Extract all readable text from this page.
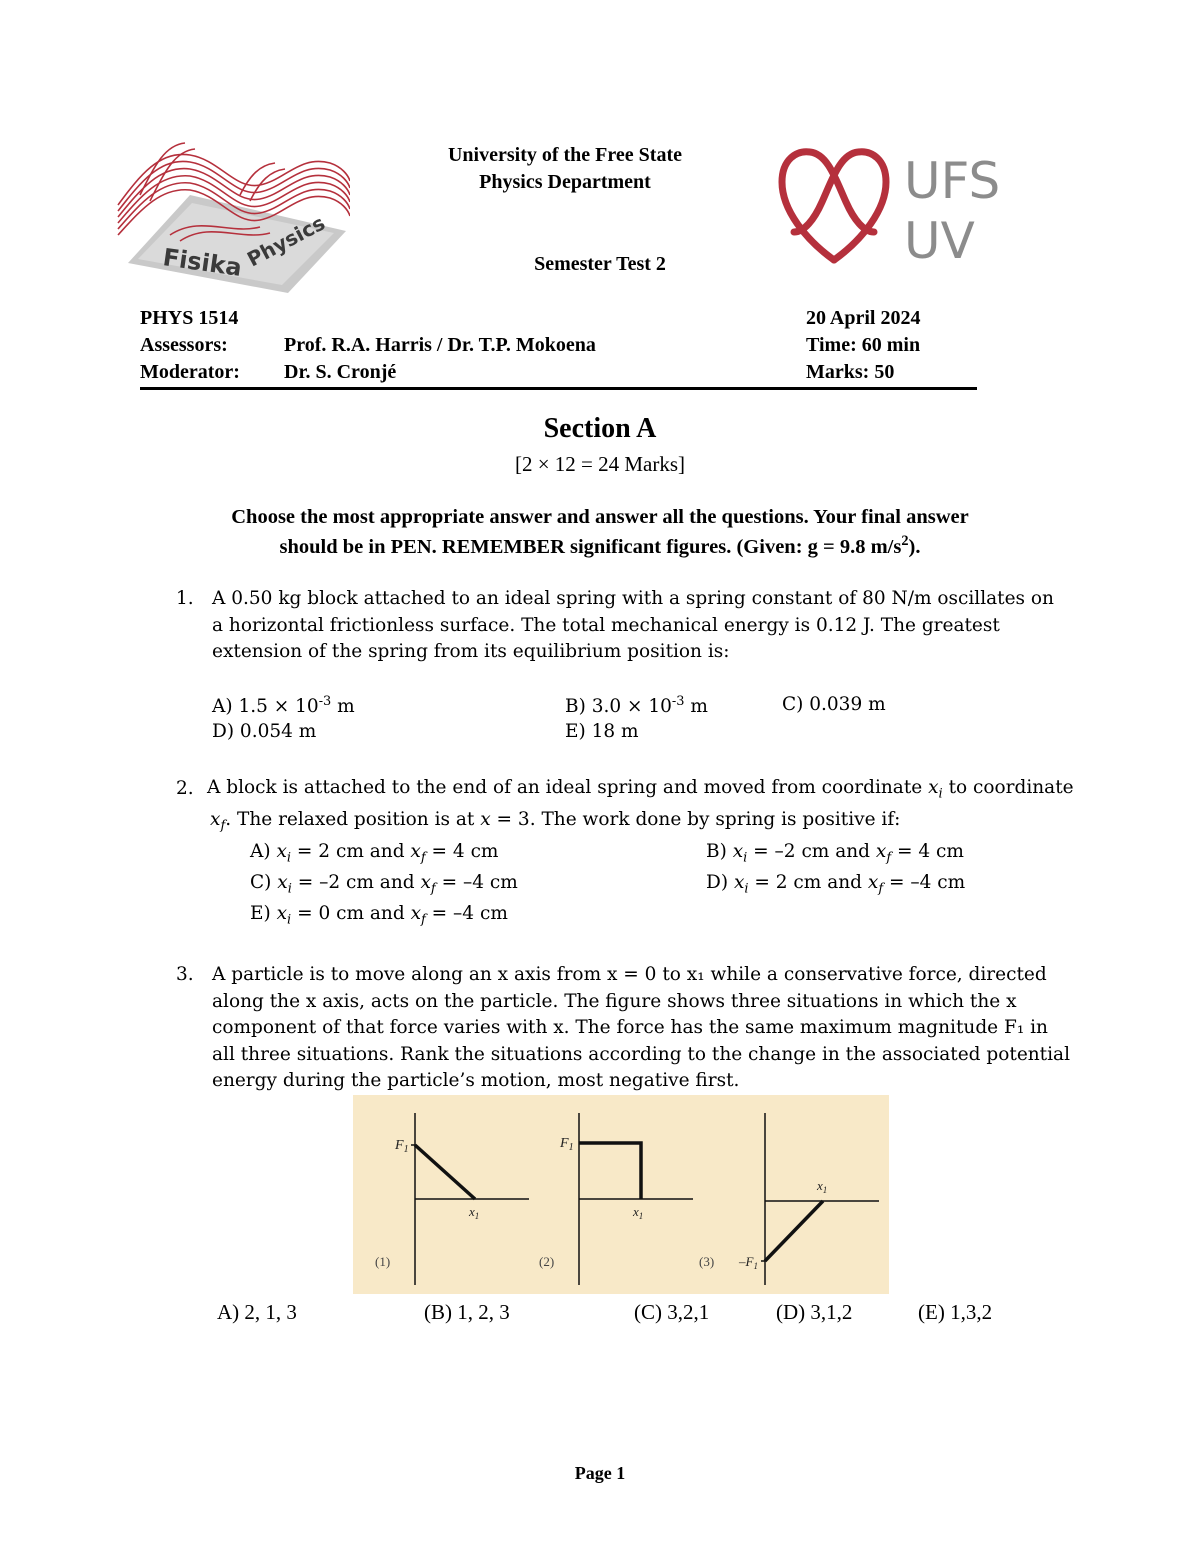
Fisika Physics
University of the Free State
Physics Department
Semester Test 2
UFS
UV
PHYS 1514	20 April 2024
Assessors:	Prof. R.A. Harris / Dr. T.P. Mokoena	Time: 60 min
Moderator: Dr. S. Cronjé	Marks: 50
Section A
[2 × 12 = 24 Marks]
Choose the most appropriate answer and answer all the questions. Your final answer
should be in PEN. REMEMBER significant figures. (Given: g = 9.8 $m/s^2$).
1. A 0.50 kg block attached to an ideal spring with a spring constant of 80 N/m oscillates on
a horizontal frictionless surface. The total mechanical energy is 0.12 J. The greatest
extension of the spring from its equilibrium position is:
A) $1.5 \times 10^{-3}$ m	B) $3.0 \times 10^{-3}$ m	C) 0.039 m
D) 0.054 m	E) 18 m
2. A block is attached to the end of an ideal spring and moved from coordinate $x_i$ to coordinate
$x_f$. The relaxed position is at x = 3. The work done by spring is positive if:
A) $x_i = 2$ cm and $x_f = 4$ cm	B) $x_i = -2$ cm and $x_f = 4$ cm
C) $x_i = -2$ cm and $x_f = -4$ cm	D) $x_i = 2$ cm and $x_f = -4$ cm
E) $x_i = 0$ cm and $x_f = -4$ cm
3. A particle is to move along an x axis from x = 0 to x₁ while a conservative force, directed
along the x axis, acts on the particle. The figure shows three situations in which the x
component of that force varies with x. The force has the same maximum magnitude F₁ in
all three situations. Rank the situations according to the change in the associated potential
energy during the particle’s motion, most negative first.
$F_1$
$x_1$
(1)
$F_1$
$x_1$
(2)	$-F_1$
$x_1$
(3)
A) 2, 1, 3	(B) 1, 2, 3	(C) 3,2,1	(D) 3,1,2	(E) 1,3,2
Page 1
